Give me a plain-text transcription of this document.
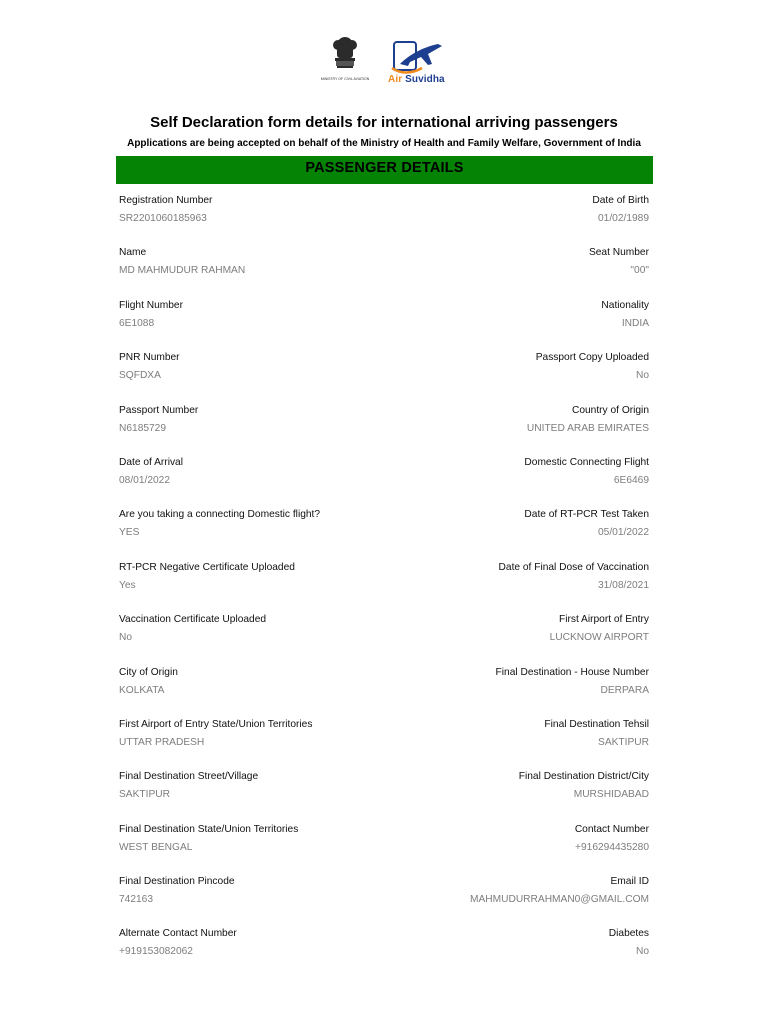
MINISTRY OF CIVIL AVIATION Air Suvidha
Self Declaration form details for international arriving passengers

Applications are being accepted on behalf of the Ministry of Health and Family Welfare, Government of India

PASSENGER DETAILS
Registration Number
SR2201060185963
Date of Birth
01/02/1989
Name
MD MAHMUDUR RAHMAN
Seat Number
"00"
Flight Number
6E1088
Nationality
INDIA
PNR Number
SQFDXA
Passport Copy Uploaded
No
Passport Number
N6185729
Country of Origin
UNITED ARAB EMIRATES
Date of Arrival
08/01/2022
Domestic Connecting Flight
6E6469
Are you taking a connecting Domestic flight?
YES
Date of RT-PCR Test Taken
05/01/2022
RT-PCR Negative Certificate Uploaded
Yes
Date of Final Dose of Vaccination
31/08/2021
Vaccination Certificate Uploaded
No
First Airport of Entry
LUCKNOW AIRPORT
City of Origin
KOLKATA
Final Destination - House Number
DERPARA
First Airport of Entry State/Union Territories
UTTAR PRADESH
Final Destination Tehsil
SAKTIPUR
Final Destination Street/Village
SAKTIPUR
Final Destination District/City
MURSHIDABAD
Final Destination State/Union Territories
WEST BENGAL
Contact Number
+916294435280
Final Destination Pincode
742163
Email ID
MAHMUDURRAHMAN0@GMAIL.COM
Alternate Contact Number
+919153082062
Diabetes
No
